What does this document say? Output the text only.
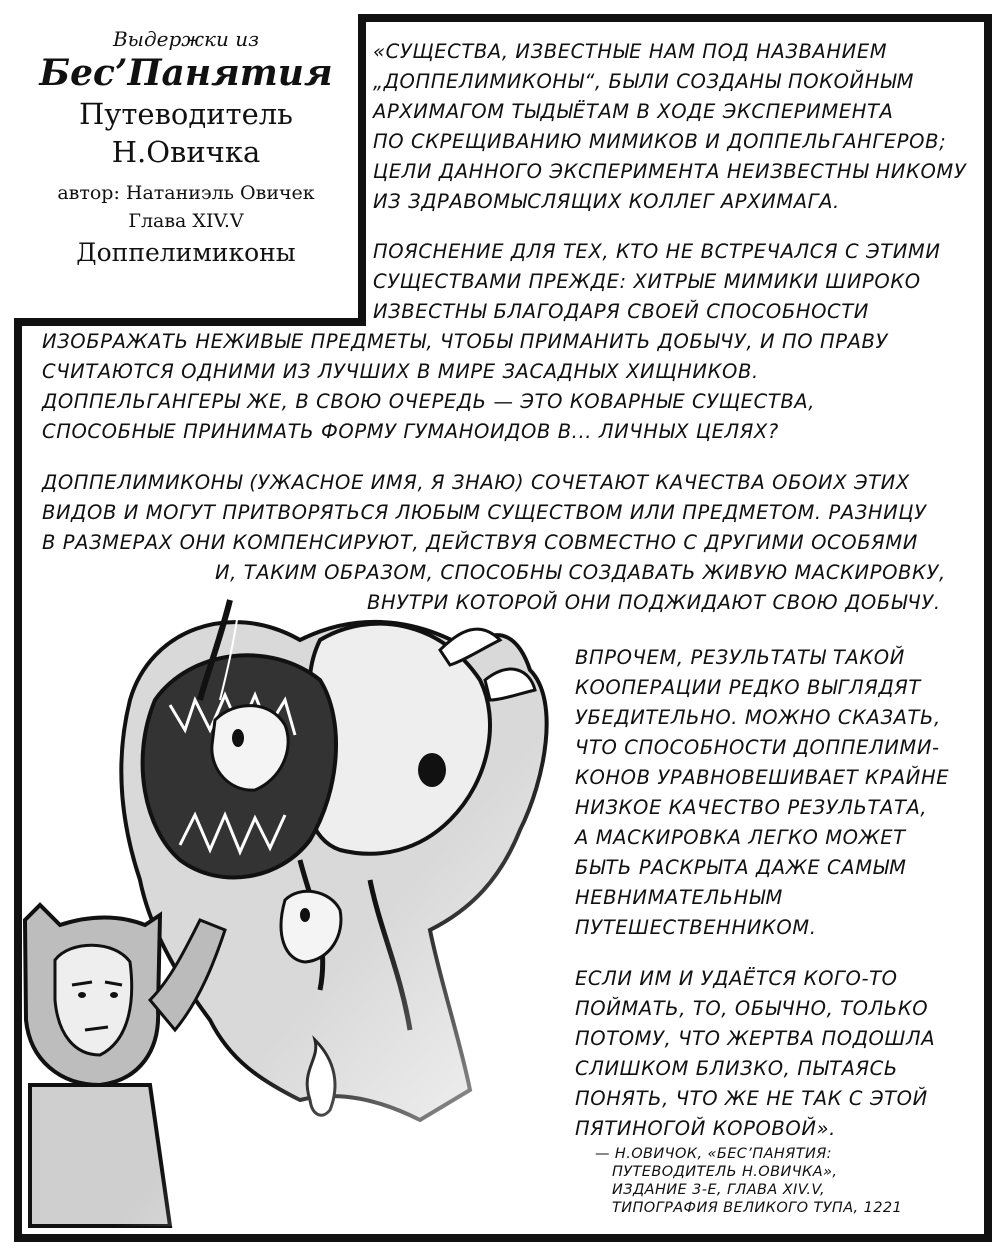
Выдержки из
Бес’Панятия
Путеводитель
Н.Овичка
автор: Натаниэль Овичек
Глава XIV.V
Доппелимиконы
«СУЩЕСТВА, ИЗВЕСТНЫЕ НАМ ПОД НАЗВАНИЕМ
„ДОППЕЛИМИКОНЫ“, БЫЛИ СОЗДАНЫ ПОКОЙНЫМ
АРХИМАГОМ ТЫДЫЁТАМ В ХОДЕ ЭКСПЕРИМЕНТА
ПО СКРЕЩИВАНИЮ МИМИКОВ И ДОППЕЛЬГАНГЕРОВ;
ЦЕЛИ ДАННОГО ЭКСПЕРИМЕНТА НЕИЗВЕСТНЫ НИКОМУ
ИЗ ЗДРАВОМЫСЛЯЩИХ КОЛЛЕГ АРХИМАГА.
ПОЯСНЕНИЕ ДЛЯ ТЕХ, КТО НЕ ВСТРЕЧАЛСЯ С ЭТИМИ
СУЩЕСТВАМИ ПРЕЖДЕ: ХИТРЫЕ МИМИКИ ШИРОКО
ИЗВЕСТНЫ БЛАГОДАРЯ СВОЕЙ СПОСОБНОСТИ
ИЗОБРАЖАТЬ НЕЖИВЫЕ ПРЕДМЕТЫ, ЧТОБЫ ПРИМАНИТЬ ДОБЫЧУ, И ПО ПРАВУ
СЧИТАЮТСЯ ОДНИМИ ИЗ ЛУЧШИХ В МИРЕ ЗАСАДНЫХ ХИЩНИКОВ.
ДОППЕЛЬГАНГЕРЫ ЖЕ, В СВОЮ ОЧЕРЕДЬ — ЭТО КОВАРНЫЕ СУЩЕСТВА,
СПОСОБНЫЕ ПРИНИМАТЬ ФОРМУ ГУМАНОИДОВ В... ЛИЧНЫХ ЦЕЛЯХ?
ДОППЕЛИМИКОНЫ (УЖАСНОЕ ИМЯ, Я ЗНАЮ) СОЧЕТАЮТ КАЧЕСТВА ОБОИХ ЭТИХ
ВИДОВ И МОГУТ ПРИТВОРЯТЬСЯ ЛЮБЫМ СУЩЕСТВОМ ИЛИ ПРЕДМЕТОМ. РАЗНИЦУ
В РАЗМЕРАХ ОНИ КОМПЕНСИРУЮТ, ДЕЙСТВУЯ СОВМЕСТНО С ДРУГИМИ ОСОБЯМИ
И, ТАКИМ ОБРАЗОМ, СПОСОБНЫ СОЗДАВАТЬ ЖИВУЮ МАСКИРОВКУ,
ВНУТРИ КОТОРОЙ ОНИ ПОДЖИДАЮТ СВОЮ ДОБЫЧУ.
ВПРОЧЕМ, РЕЗУЛЬТАТЫ ТАКОЙ
КООПЕРАЦИИ РЕДКО ВЫГЛЯДЯТ
УБЕДИТЕЛЬНО. МОЖНО СКАЗАТЬ,
ЧТО СПОСОБНОСТИ ДОППЕЛИМИ-
КОНОВ УРАВНОВЕШИВАЕТ КРАЙНЕ
НИЗКОЕ КАЧЕСТВО РЕЗУЛЬТАТА,
А МАСКИРОВКА ЛЕГКО МОЖЕТ
БЫТЬ РАСКРЫТА ДАЖЕ САМЫМ
НЕВНИМАТЕЛЬНЫМ
ПУТЕШЕСТВЕННИКОМ.
ЕСЛИ ИМ И УДАЁТСЯ КОГО-ТО
ПОЙМАТЬ, ТО, ОБЫЧНО, ТОЛЬКО
ПОТОМУ, ЧТО ЖЕРТВА ПОДОШЛА
СЛИШКОМ БЛИЗКО, ПЫТАЯСЬ
ПОНЯТЬ, ЧТО ЖЕ НЕ ТАК С ЭТОЙ
ПЯТИНОГОЙ КОРОВОЙ».
— Н.ОВИЧОК, «БЕС’ПАНЯТИЯ:
ПУТЕВОДИТЕЛЬ Н.ОВИЧКА»,
ИЗДАНИЕ 3-Е, ГЛАВА XIV.V,
ТИПОГРАФИЯ ВЕЛИКОГО ТУПА, 1221
